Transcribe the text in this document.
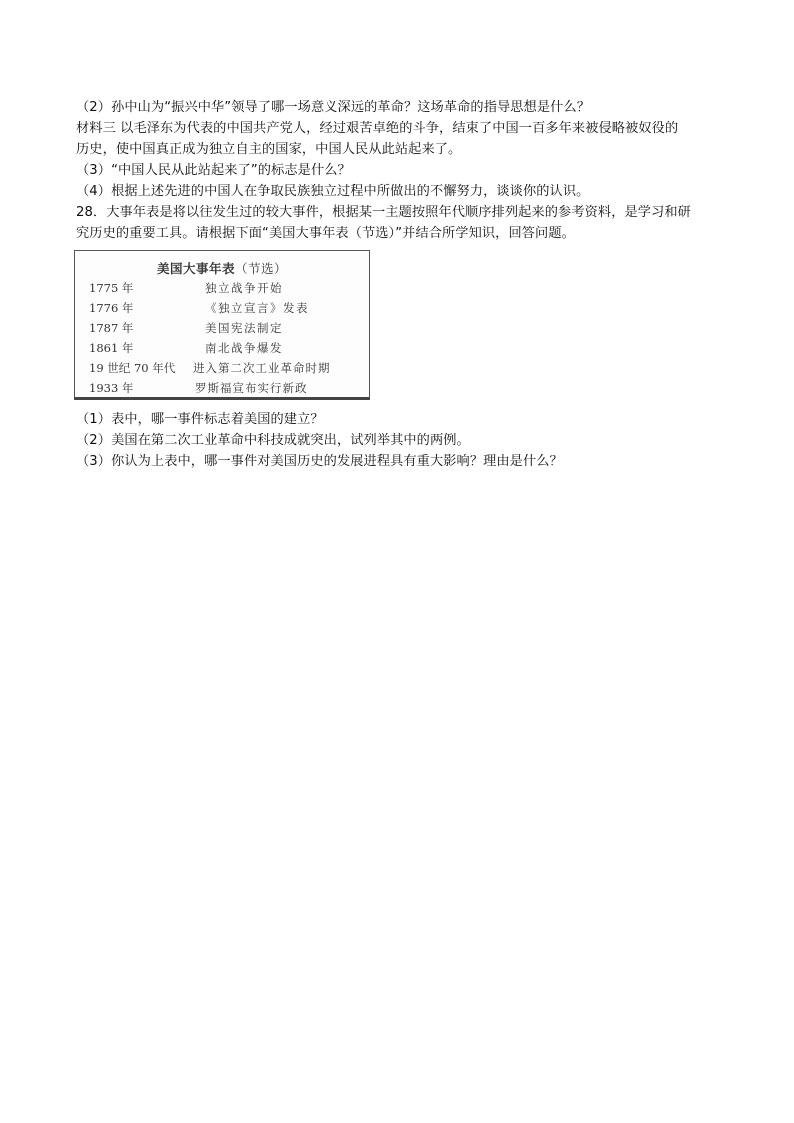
（2）孙中山为“振兴中华”领导了哪一场意义深远的革命？这场革命的指导思想是什么？
材料三 以毛泽东为代表的中国共产党人，经过艰苦卓绝的斗争，结束了中国一百多年来被侵略被奴役的
历史，使中国真正成为独立自主的国家，中国人民从此站起来了。
（3）“中国人民从此站起来了”的标志是什么？
（4）根据上述先进的中国人在争取民族独立过程中所做出的不懈努力，谈谈你的认识。
28．大事年表是将以往发生过的较大事件，根据某一主题按照年代顺序排列起来的参考资料，是学习和研
究历史的重要工具。请根据下面“美国大事年表（节选）”并结合所学知识，回答问题。
美国大事年表（节选）
1775 年	独立战争开始
1776 年	《独立宣言》发表
1787 年	美国宪法制定
1861 年	南北战争爆发
19 世纪 70 年代 进入第二次工业革命时期
1933 年	罗斯福宣布实行新政
（1）表中，哪一事件标志着美国的建立？
（2）美国在第二次工业革命中科技成就突出，试列举其中的两例。
（3）你认为上表中，哪一事件对美国历史的发展进程具有重大影响？理由是什么？
